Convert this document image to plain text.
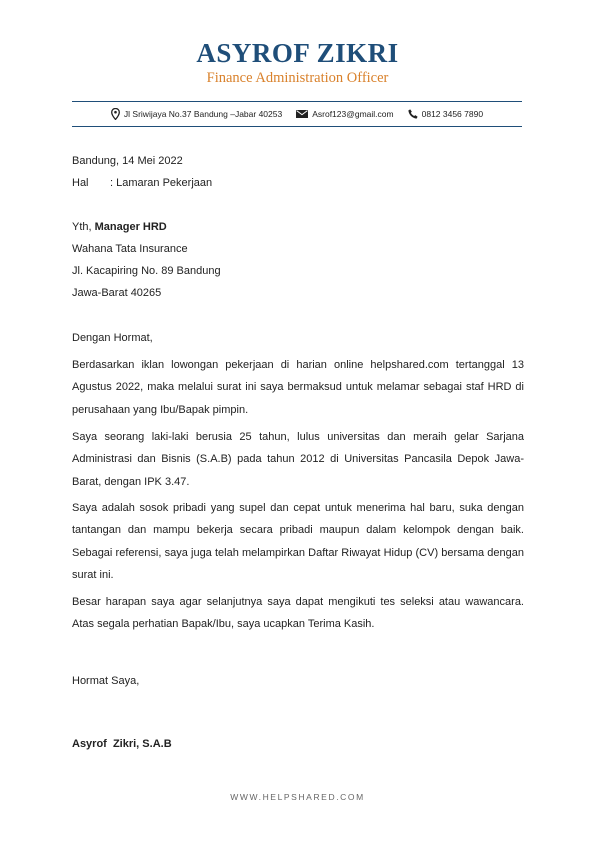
ASYROF ZIKRI
Finance Administration Officer
Jl Sriwijaya No.37 Bandung –Jabar 40253	Asrof123@gmail.com	0812 3456 7890
Bandung, 14 Mei 2022
Hal : Lamaran Pekerjaan
Yth, Manager HRD
Wahana Tata Insurance
Jl. Kacapiring No. 89 Bandung
Jawa-Barat 40265
Dengan Hormat,
Berdasarkan iklan lowongan pekerjaan di harian online helpshared.com tertanggal 13 Agustus 2022, maka melalui surat ini saya bermaksud untuk melamar sebagai staf HRD di perusahaan yang Ibu/Bapak pimpin.
Saya seorang laki-laki berusia 25 tahun, lulus universitas dan meraih gelar Sarjana Administrasi dan Bisnis (S.A.B) pada tahun 2012 di Universitas Pancasila Depok Jawa-Barat, dengan IPK 3.47.
Saya adalah sosok pribadi yang supel dan cepat untuk menerima hal baru, suka dengan tantangan dan mampu bekerja secara pribadi maupun dalam kelompok dengan baik. Sebagai referensi, saya juga telah melampirkan Daftar Riwayat Hidup (CV) bersama dengan surat ini.
Besar harapan saya agar selanjutnya saya dapat mengikuti tes seleksi atau wawancara. Atas segala perhatian Bapak/Ibu, saya ucapkan Terima Kasih.
Hormat Saya,
Asyrof  Zikri, S.A.B
WWW.HELPSHARED.COM
